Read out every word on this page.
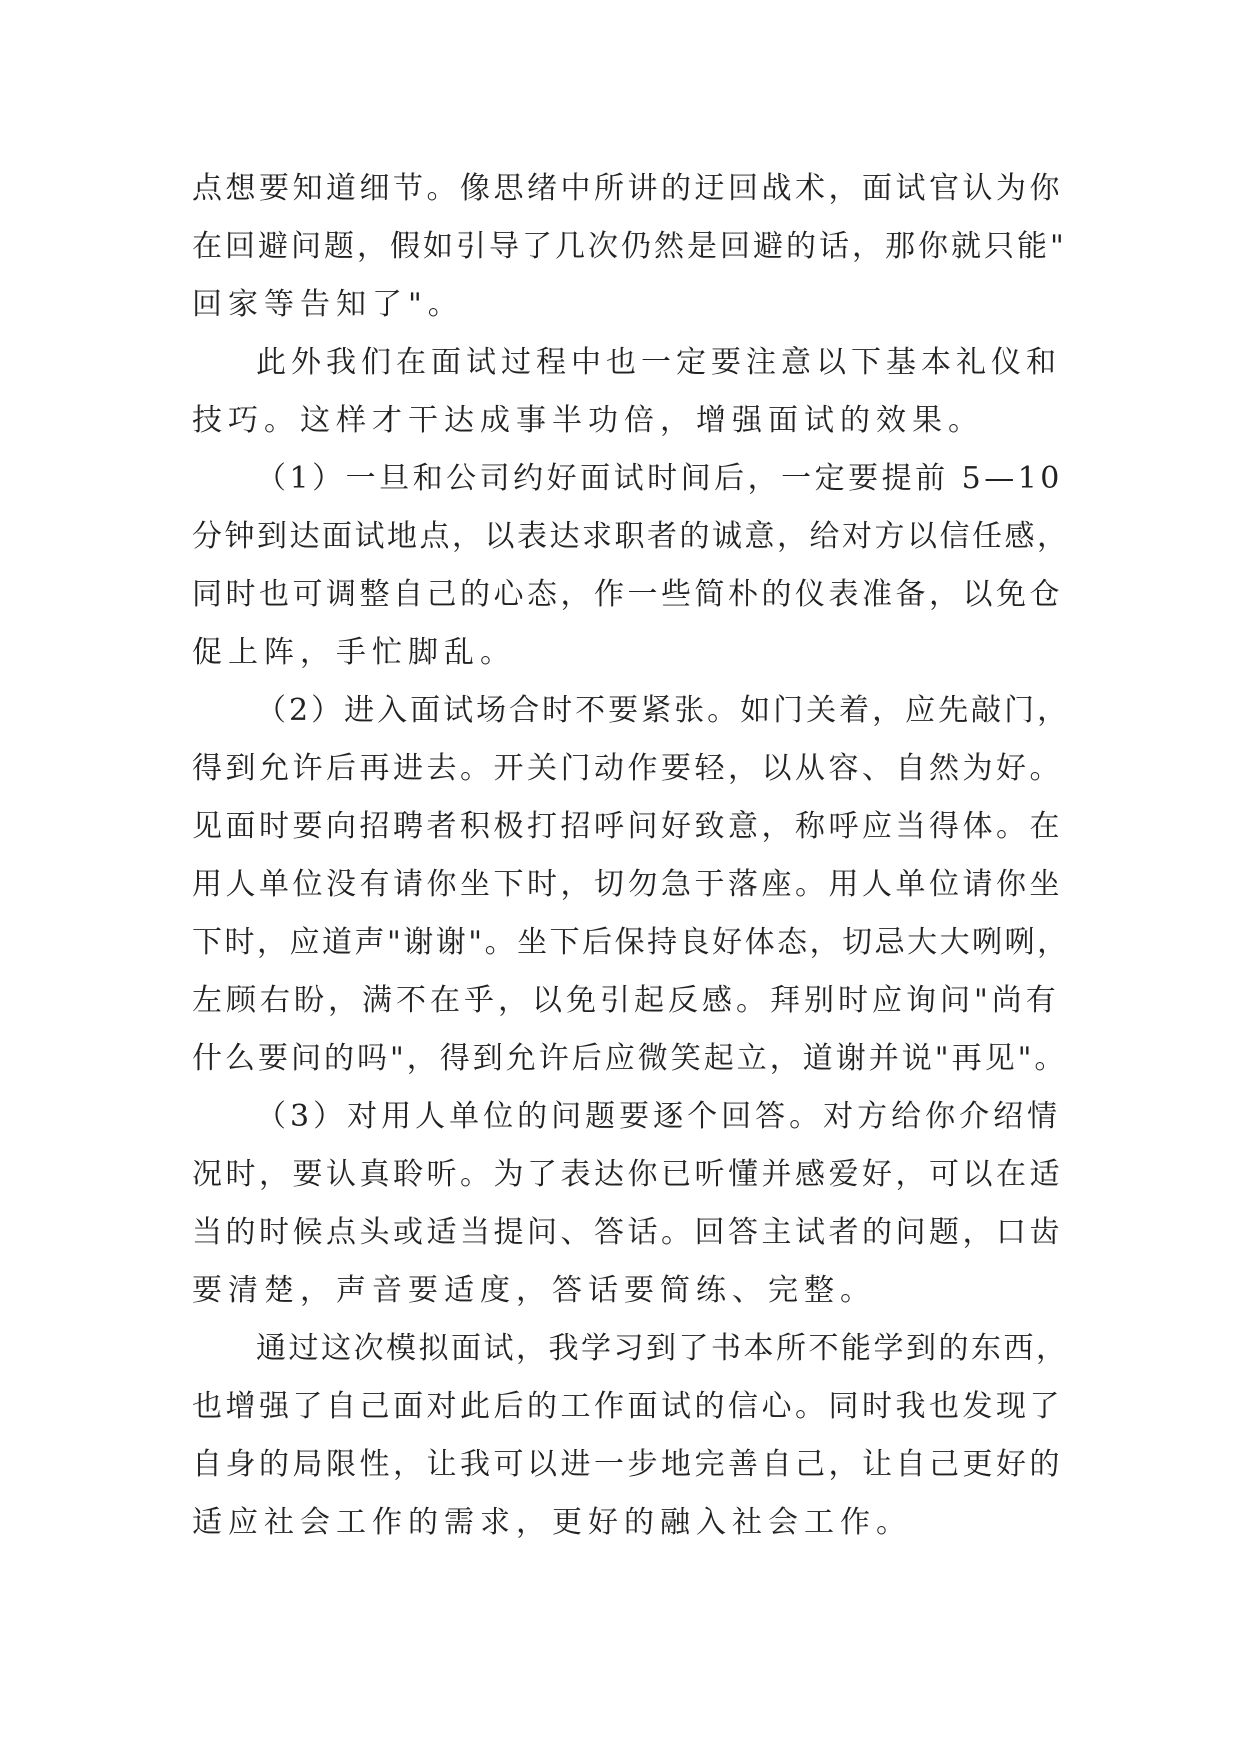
点想要知道细节。像思绪中所讲的迂回战术，面试官认为你
在回避问题，假如引导了几次仍然是回避的话，那你就只能"
回家等告知了"。
此外我们在面试过程中也一定要注意以下基本礼仪和
技巧。这样才干达成事半功倍，增强面试的效果。
（1）一旦和公司约好面试时间后，一定要提前 5—10
分钟到达面试地点，以表达求职者的诚意，给对方以信任感，
同时也可调整自己的心态，作一些简朴的仪表准备，以免仓
促上阵，手忙脚乱。
（2）进入面试场合时不要紧张。如门关着，应先敲门，
得到允许后再进去。开关门动作要轻，以从容、自然为好。
见面时要向招聘者积极打招呼问好致意，称呼应当得体。在
用人单位没有请你坐下时，切勿急于落座。用人单位请你坐
下时，应道声"谢谢"。坐下后保持良好体态，切忌大大咧咧，
左顾右盼，满不在乎，以免引起反感。拜别时应询问"尚有
什么要问的吗"，得到允许后应微笑起立，道谢并说"再见"。
（3）对用人单位的问题要逐个回答。对方给你介绍情
况时，要认真聆听。为了表达你已听懂并感爱好，可以在适
当的时候点头或适当提问、答话。回答主试者的问题，口齿
要清楚，声音要适度，答话要简练、完整。
通过这次模拟面试，我学习到了书本所不能学到的东西，
也增强了自己面对此后的工作面试的信心。同时我也发现了
自身的局限性，让我可以进一步地完善自己，让自己更好的
适应社会工作的需求，更好的融入社会工作。
